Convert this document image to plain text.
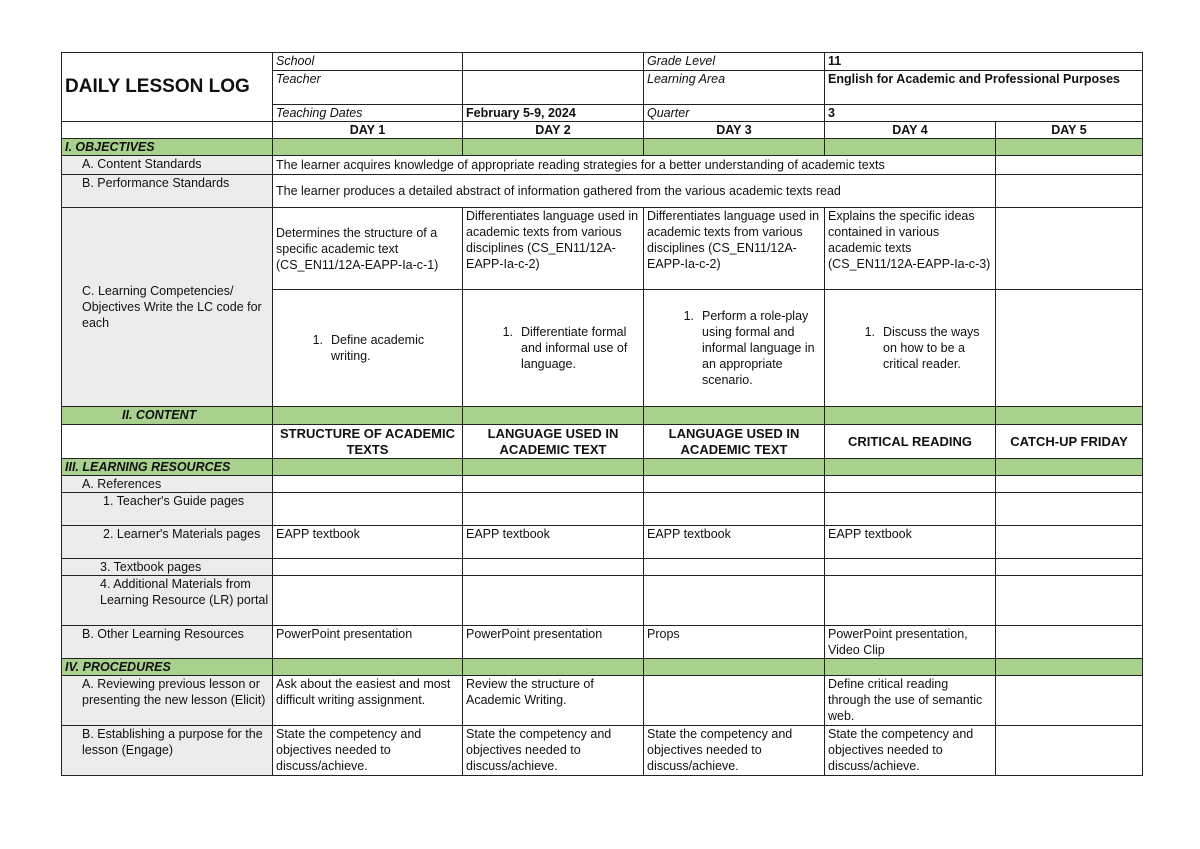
DAILY LESSON LOG	School		Grade Level	11	
	Teacher		Learning Area	English for Academic and Professional Purposes	
	Teaching Dates	February 5-9, 2024	Quarter	3	
	DAY 1	DAY 2	DAY 3	DAY 4	DAY 5
I. OBJECTIVES					
A. Content Standards	The learner acquires knowledge of appropriate reading strategies for a better understanding of academic texts				
B. Performance Standards	The learner produces a detailed abstract of information gathered from the various academic texts read				
C. Learning Competencies/ Objectives Write the LC code for each	Determines the structure of a specific academic text (CS_EN11/12A-EAPP-Ia-c-1)	Differentiates language used in academic texts from various disciplines (CS_EN11/12A-EAPP-Ia-c-2)	Differentiates language used in academic texts from various disciplines (CS_EN11/12A-EAPP-Ia-c-2)	Explains the specific ideas contained in various academic texts (CS_EN11/12A-EAPP-Ia-c-3)	

	1. Define academic writing.	1. Differentiate formal and informal use of language.	1. Perform a role-play using formal and informal language in an appropriate scenario.	1. Discuss the ways on how to be a critical reader.	

II. CONTENT					
	STRUCTURE OF ACADEMIC TEXTS	LANGUAGE USED IN ACADEMIC TEXT	LANGUAGE USED IN ACADEMIC TEXT	CRITICAL READING	CATCH-UP FRIDAY
III. LEARNING RESOURCES					
A. References					
1. Teacher's Guide pages					
2. Learner's Materials pages	EAPP textbook	EAPP textbook	EAPP textbook	EAPP textbook	
3. Textbook pages					
4. Additional Materials from Learning Resource (LR) portal					
B. Other Learning Resources	PowerPoint presentation	PowerPoint presentation	Props	PowerPoint presentation, Video Clip	
IV. PROCEDURES					
A. Reviewing previous lesson or presenting the new lesson (Elicit)	Ask about the easiest and most difficult writing assignment.	Review the structure of Academic Writing.		Define critical reading through the use of semantic web.	
B. Establishing a purpose for the lesson (Engage)	State the competency and objectives needed to discuss/achieve.	State the competency and objectives needed to discuss/achieve.	State the competency and objectives needed to discuss/achieve.	State the competency and objectives needed to discuss/achieve.	
